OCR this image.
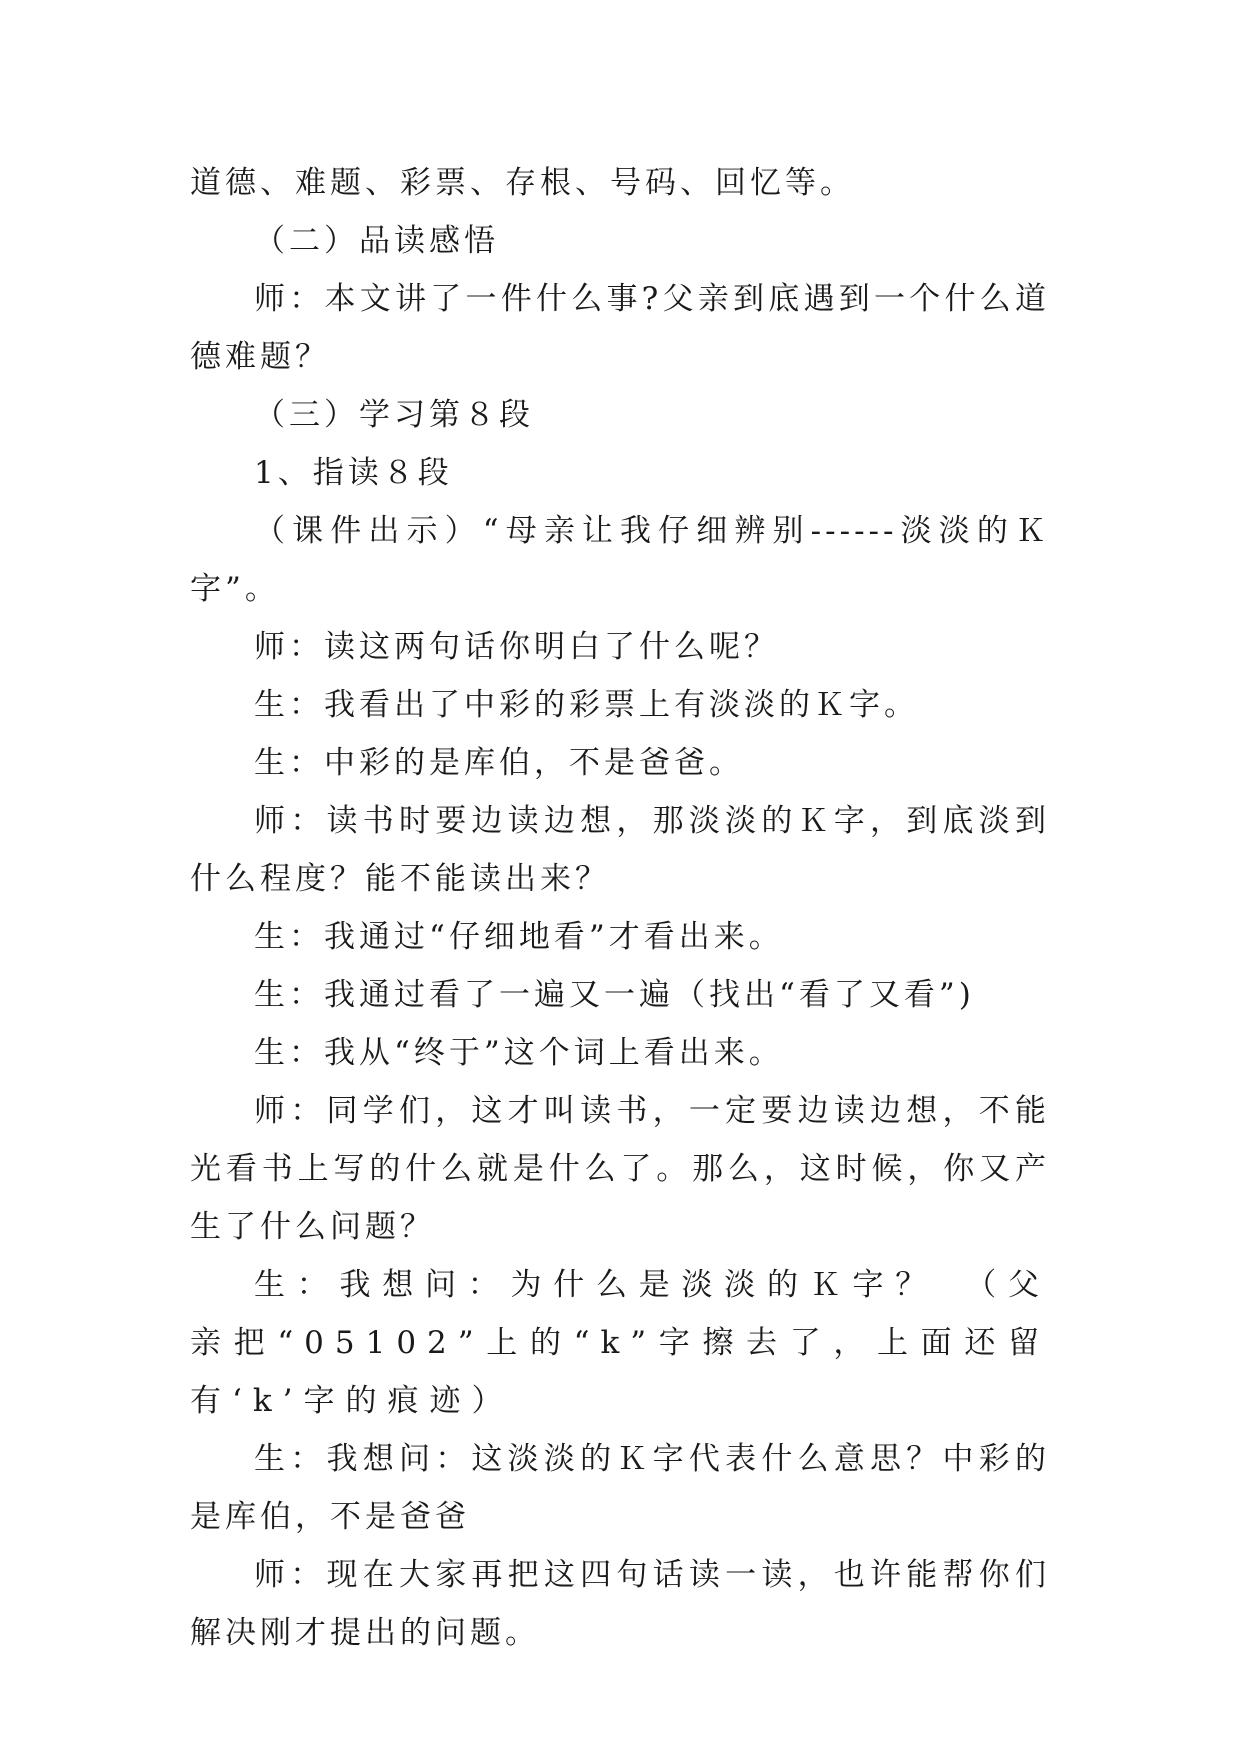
道德、难题、彩票、存根、号码、回忆等。

（二）品读感悟

师：本文讲了一件什么事?父亲到底遇到一个什么道德难题？

（三）学习第８段

1、指读８段

（课件出示）“母亲让我仔细辨别------淡淡的Ｋ字”。

师：读这两句话你明白了什么呢？

生：我看出了中彩的彩票上有淡淡的Ｋ字。

生：中彩的是库伯，不是爸爸。

师：读书时要边读边想，那淡淡的Ｋ字，到底淡到什么程度？能不能读出来？

生：我通过“仔细地看”才看出来。

生：我通过看了一遍又一遍（找出“看了又看”)

生：我从“终于”这个词上看出来。

师：同学们，这才叫读书，一定要边读边想，不能光看书上写的什么就是什么了。那么，这时候，你又产生了什么问题？

生：我想问：为什么是淡淡的Ｋ字？　（父亲把“05102”上的“k”字擦去了，上面还留有‘k’字的痕迹）

生：我想问：这淡淡的Ｋ字代表什么意思？中彩的是库伯，不是爸爸

师：现在大家再把这四句话读一读，也许能帮你们解决刚才提出的问题。
